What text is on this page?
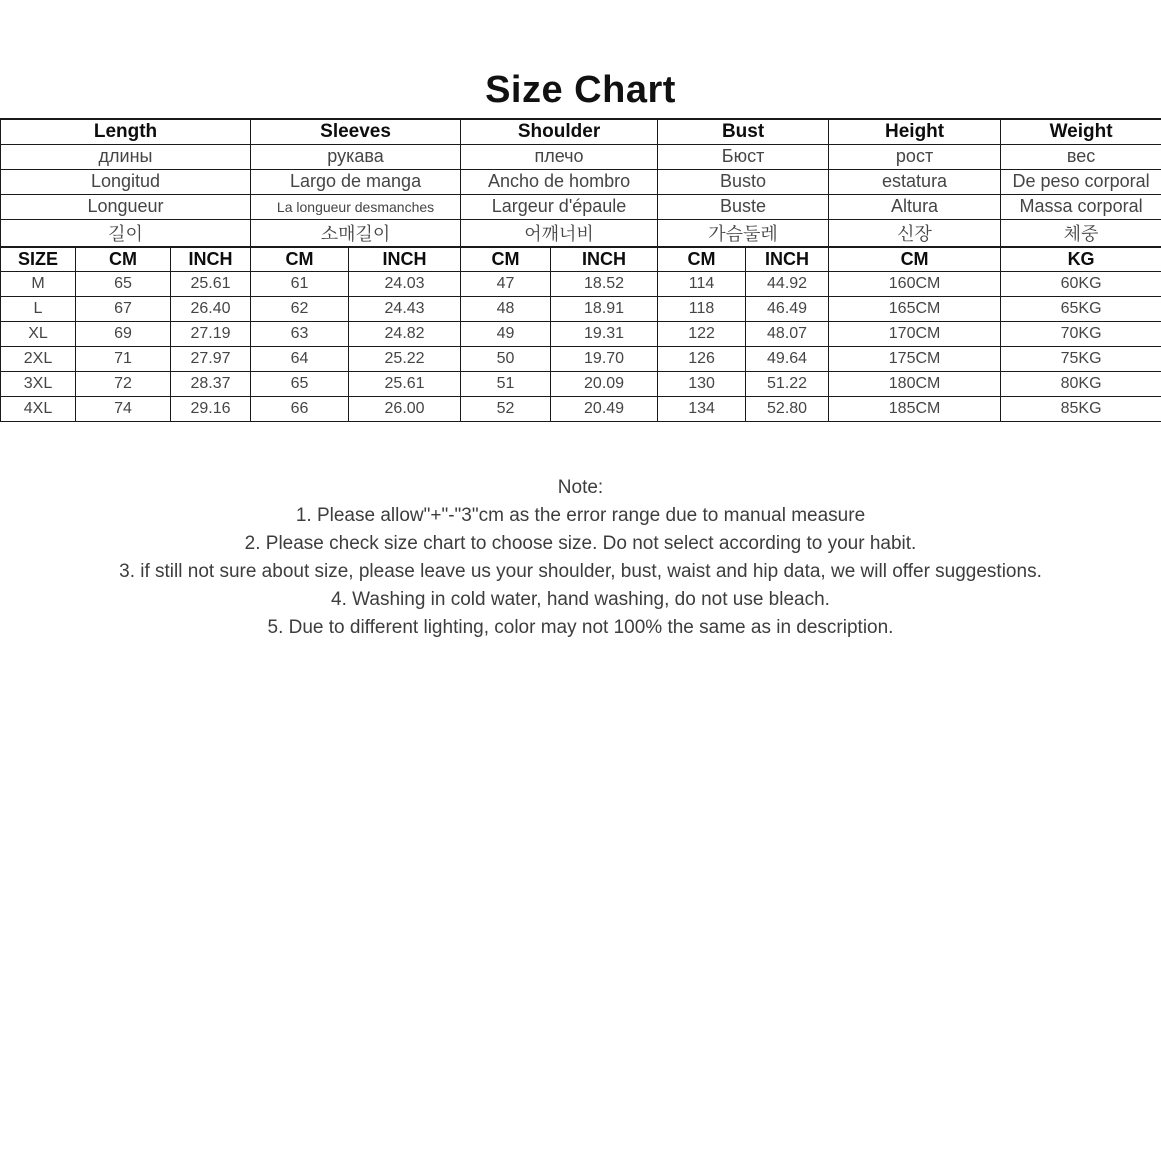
Size Chart
Length			Sleeves		Shoulder		Bust		Height	Weight
длины			рукава		плечо		Бюст		рост	вес
Longitud			Largo de manga		Ancho de hombro		Busto		estatura	De peso corporal
Longueur			La longueur desmanches		Largeur d'épaule		Buste		Altura	Massa corporal
길이			소매길이		어깨너비		가슴둘레		신장	체중
SIZE	CM	INCH	CM	INCH	CM	INCH	CM	INCH	CM	KG
M	65	25.61	61	24.03	47	18.52	114	44.92	160CM	60KG
L	67	26.40	62	24.43	48	18.91	118	46.49	165CM	65KG
XL	69	27.19	63	24.82	49	19.31	122	48.07	170CM	70KG
2XL	71	27.97	64	25.22	50	19.70	126	49.64	175CM	75KG
3XL	72	28.37	65	25.61	51	20.09	130	51.22	180CM	80KG
4XL	74	29.16	66	26.00	52	20.49	134	52.80	185CM	85KG
Note:
1. Please allow"+"-"3"cm as the error range due to manual measure
2. Please check size chart to choose size. Do not select according to your habit.
3. if still not sure about size, please leave us your shoulder, bust, waist and hip data, we will offer suggestions.
4. Washing in cold water, hand washing, do not use bleach.
5. Due to different lighting, color may not 100% the same as in description.
